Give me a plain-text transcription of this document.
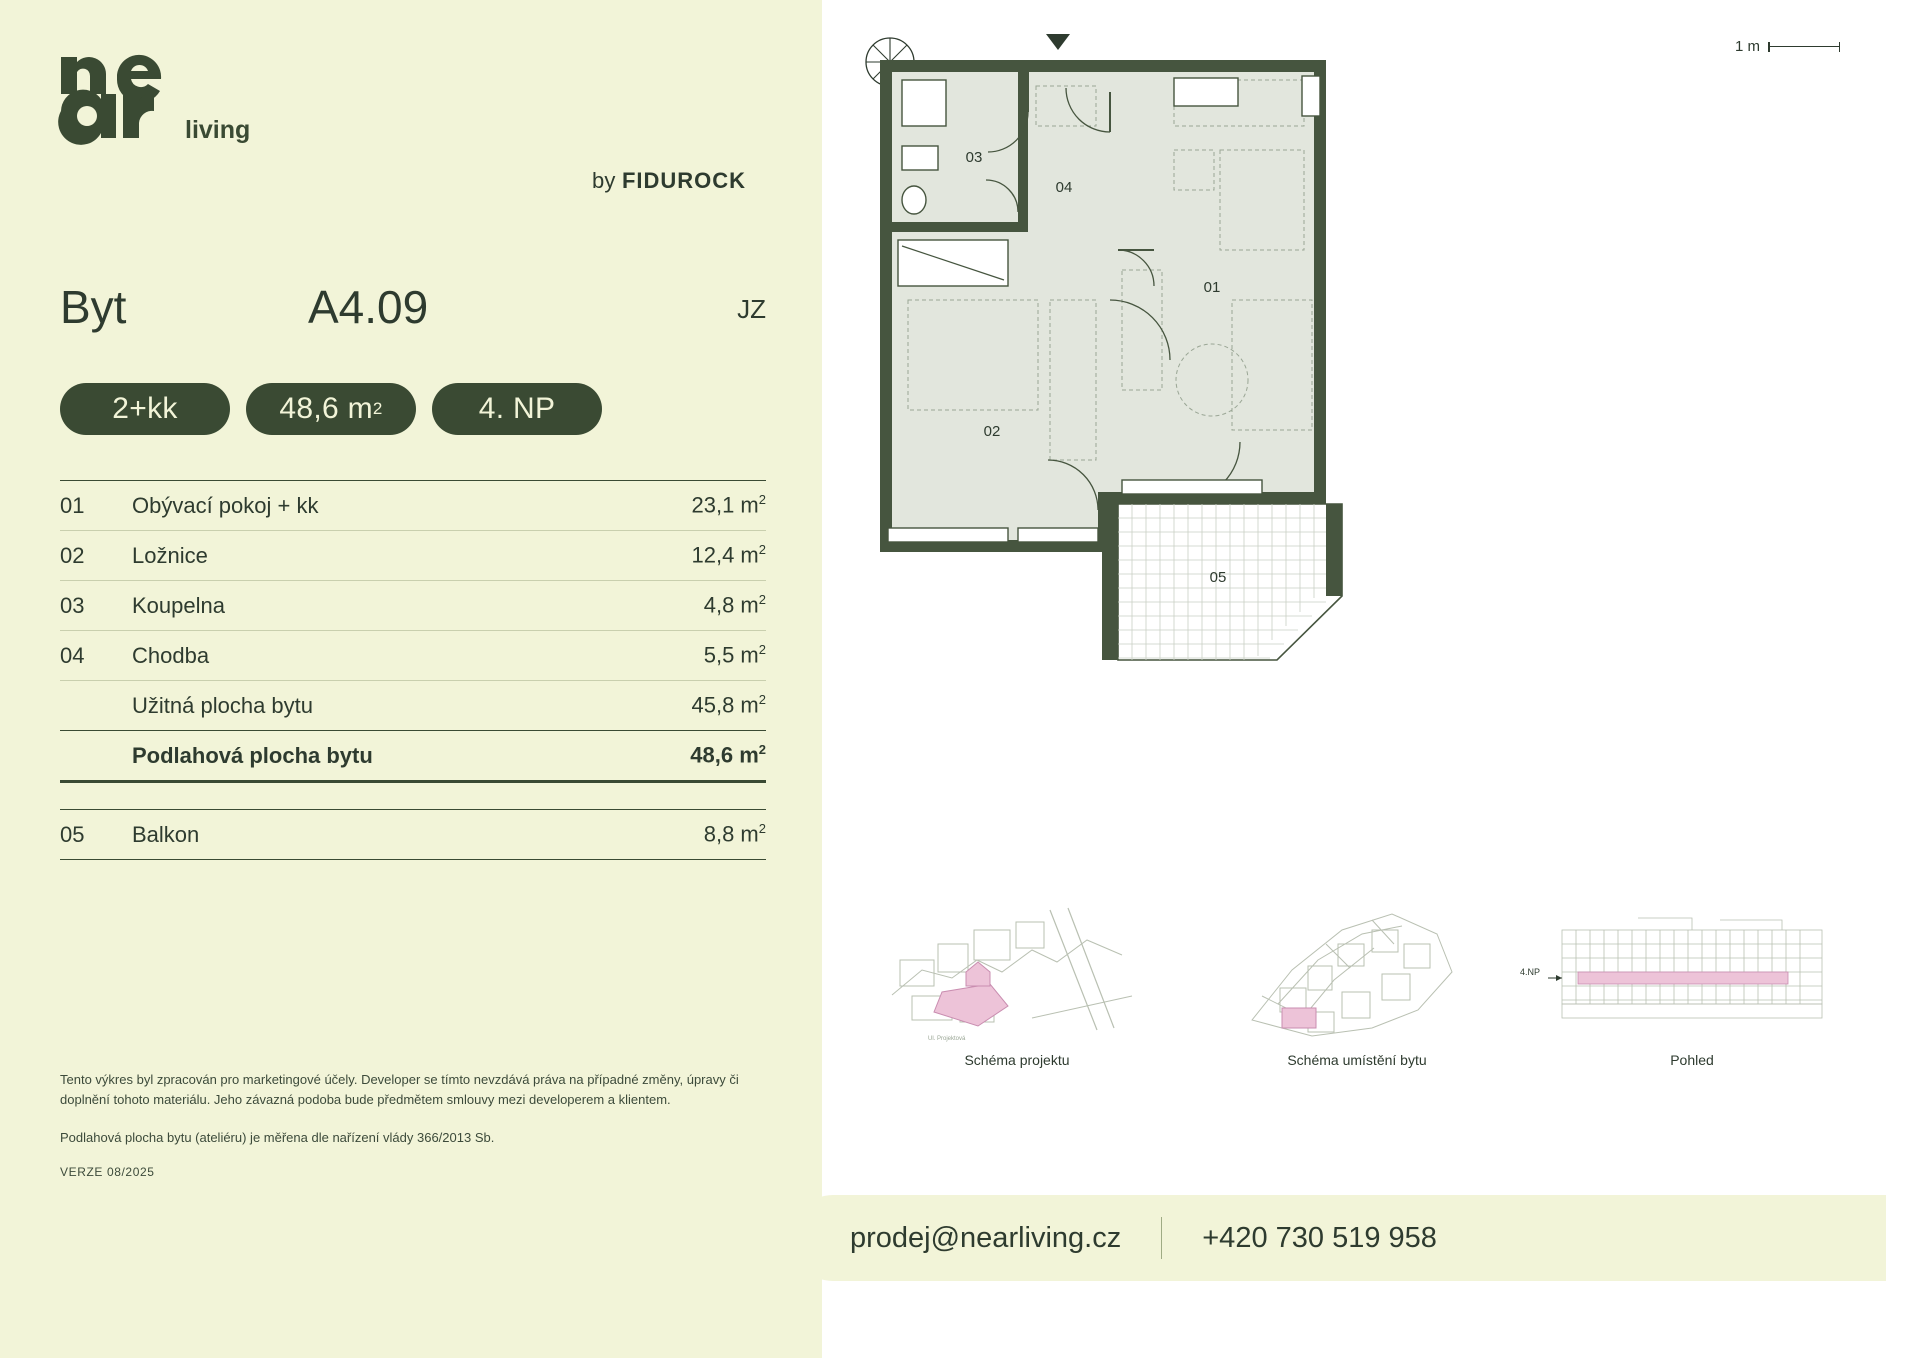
living
by FIDUROCK
Byt	A4.09	JZ
2+kk	48,6 m 2	4. NP
01	Obývací pokoj + kk	23,1 $m^2$
02	Ložnice	12,4 $m^2$
03	Koupelna	4,8 $m^2$
04	Chodba	5,5 $m^2$
Užitná plocha bytu	45,8 $m^2$
Podlahová plocha bytu	48,6 $m^2$
05	Balkon	8,8 $m^2$

Tento výkres byl zpracován pro marketingové účely. Developer se tímto nevzdává práva na případné změny, úpravy či doplnění tohoto materiálu. Jeho závazná podoba bude předmětem smlouvy mezi developerem a klientem.

Podlahová plocha bytu (ateliéru) je měřena dle nařízení vlády 366/2013 Sb.

VERZE 08/2025
1 m
01
02
03
04
05
Ul. Projektová
Schéma projektu	Schéma umístění bytu
4.NP
Pohled
prodej@nearliving.cz	+420 730 519 958
